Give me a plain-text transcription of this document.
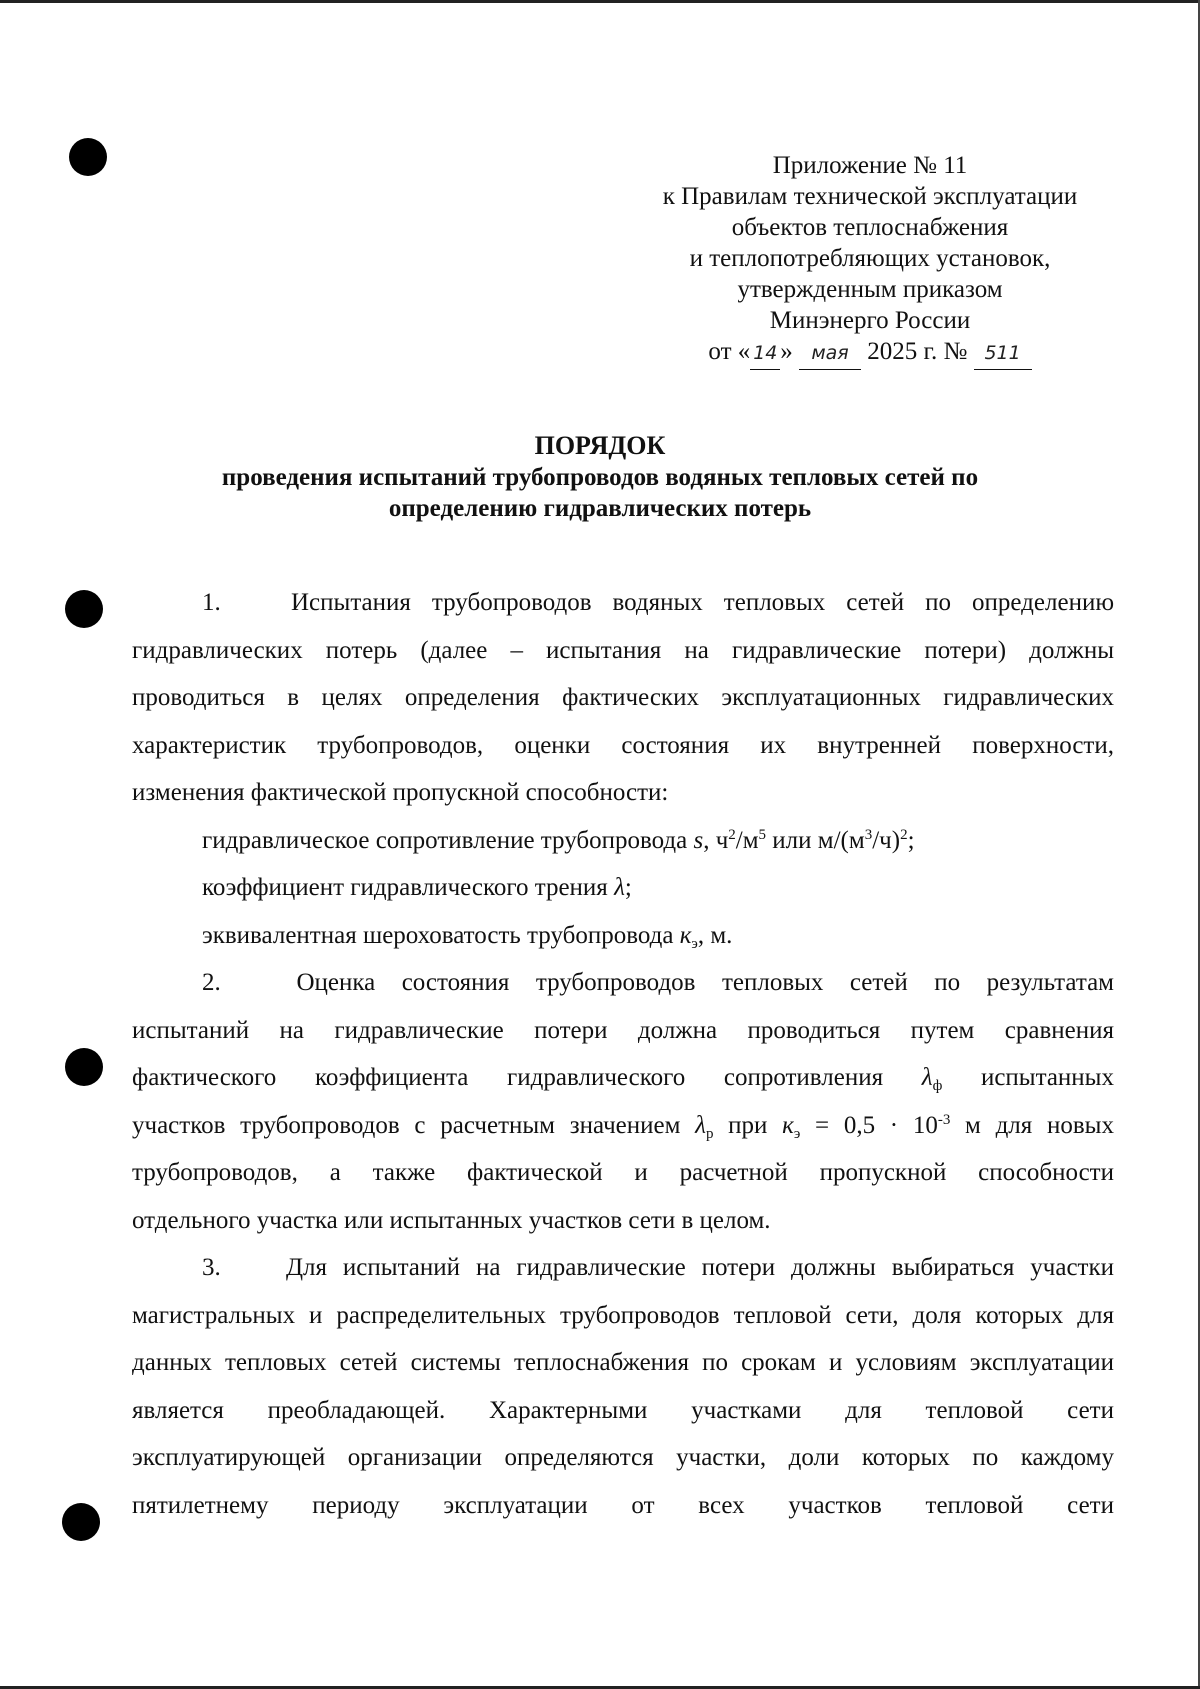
Приложение № 11
к Правилам технической эксплуатации
объектов теплоснабжения
и теплопотребляющих установок,
утвержденным приказом
Минэнерго России
от « 14 » мая 2025 г. № 511
ПОРЯДОК
проведения испытаний трубопроводов водяных тепловых сетей по
определению гидравлических потерь
1.	Испытания трубопроводов водяных тепловых сетей по определению
гидравлических потерь (далее – испытания на гидравлические потери) должны
проводиться в целях определения фактических эксплуатационных гидравлических
характеристик трубопроводов, оценки состояния их внутренней поверхности,
изменения фактической пропускной способности:
гидравлическое сопротивление трубопровода s, $ч^2/м^5$ или $м/(м^3/ч)^2$;
коэффициент гидравлического трения λ;
эквивалентная шероховатость трубопровода $к_э$, м.
2.	Оценка состояния трубопроводов тепловых сетей по результатам
испытаний на гидравлические потери должна проводиться путем сравнения
фактического коэффициента гидравлического сопротивления $\lambda_ф$ испытанных
участков трубопроводов с расчетным значением $\lambda_р$ при $к_э = 0,5 \cdot 10^{-3}$ м для новых
трубопроводов, а также фактической и расчетной пропускной способности
отдельного участка или испытанных участков сети в целом.
3.	Для испытаний на гидравлические потери должны выбираться участки
магистральных и распределительных трубопроводов тепловой сети, доля которых для
данных тепловых сетей системы теплоснабжения по срокам и условиям эксплуатации
является преобладающей. Характерными участками для тепловой сети
эксплуатирующей организации определяются участки, доли которых по каждому
пятилетнему периоду эксплуатации от всех участков тепловой сети
